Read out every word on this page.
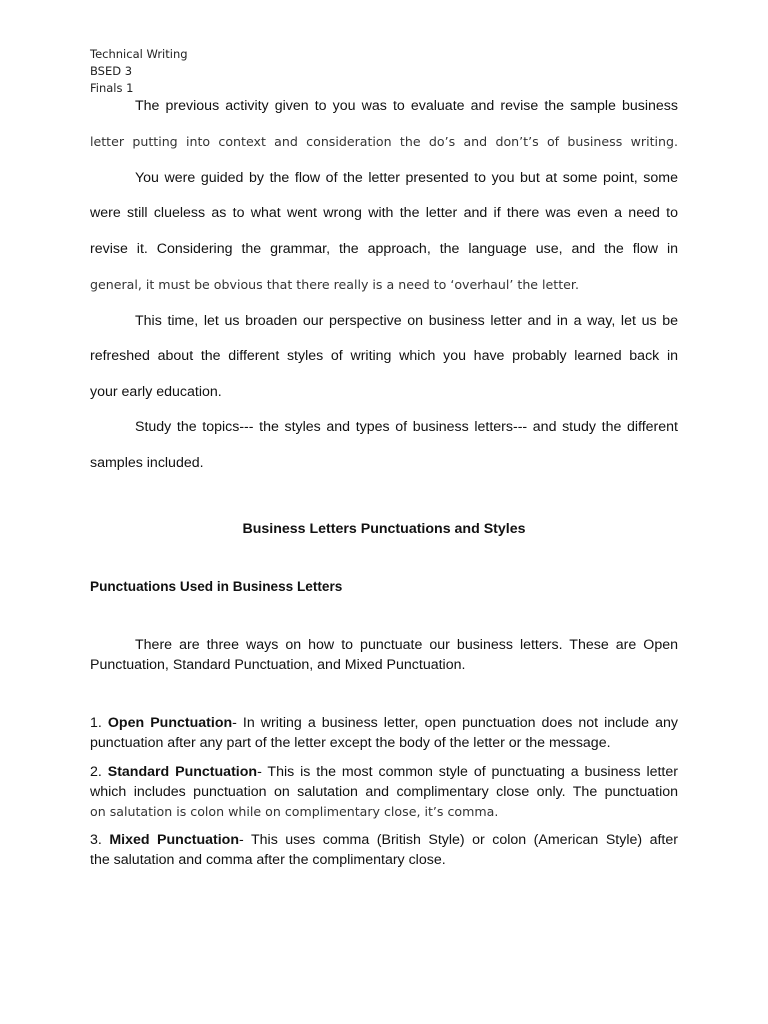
Technical Writing
BSED 3
Finals 1
The previous activity given to you was to evaluate and revise the sample business
letter putting into context and consideration the do’s and don’t’s of business writing.
You were guided by the flow of the letter presented to you but at some point, some
were still clueless as to what went wrong with the letter and if there was even a need to
revise it. Considering the grammar, the approach, the language use, and the flow in
general, it must be obvious that there really is a need to ‘overhaul’ the letter.
This time, let us broaden our perspective on business letter and in a way, let us be
refreshed about the different styles of writing which you have probably learned back in
your early education.
Study the topics--- the styles and types of business letters--- and study the different
samples included.
Business Letters Punctuations and Styles
Punctuations Used in Business Letters
There are three ways on how to punctuate our business letters. These are Open
Punctuation, Standard Punctuation, and Mixed Punctuation.
1. Open Punctuation- In writing a business letter, open punctuation does not include any
punctuation after any part of the letter except the body of the letter or the message.
2. Standard Punctuation- This is the most common style of punctuating a business letter
which includes punctuation on salutation and complimentary close only. The punctuation
on salutation is colon while on complimentary close, it’s comma.
3. Mixed Punctuation- This uses comma (British Style) or colon (American Style) after
the salutation and comma after the complimentary close.
